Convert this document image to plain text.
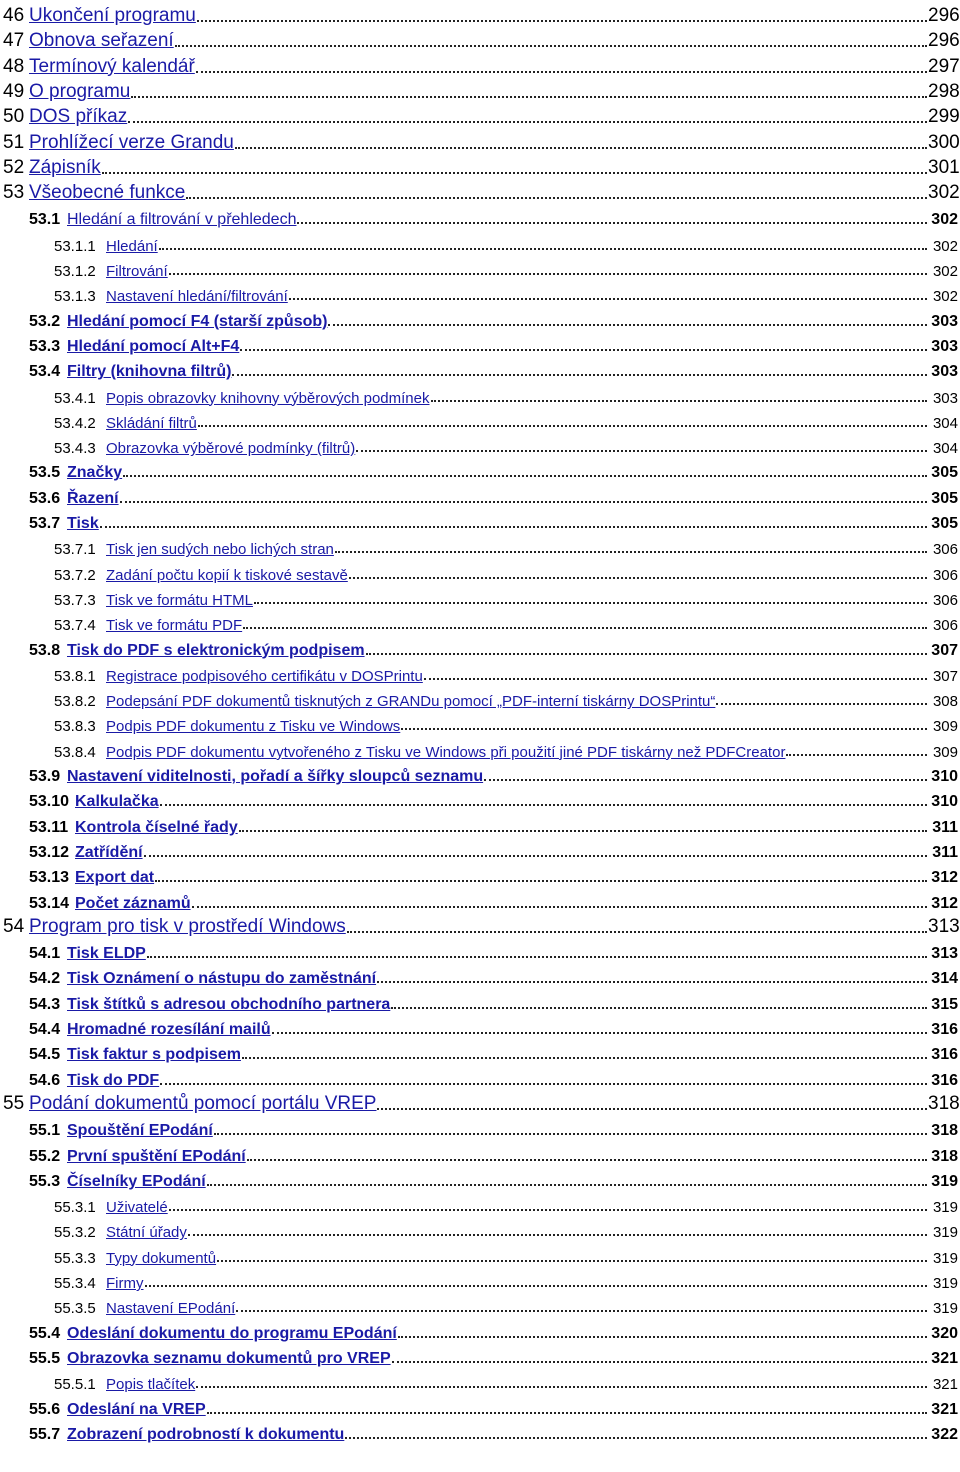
46 Ukončení programu	296
47 Obnova seřazení	296
48 Termínový kalendář	297
49 O programu	298
50 DOS příkaz	299
51 Prohlížecí verze Grandu	300
52 Zápisník	301
53 Všeobecné funkce	302
53.1 Hledání a filtrování v přehledech	302
53.1.1 Hledání	302
53.1.2 Filtrování	302
53.1.3 Nastavení hledání/filtrování	302
53.2 Hledání pomocí F4 (starší způsob)	303
53.3 Hledání pomocí Alt+F4	303
53.4 Filtry (knihovna filtrů)	303
53.4.1 Popis obrazovky knihovny výběrových podmínek	303
53.4.2 Skládání filtrů	304
53.4.3 Obrazovka výběrové podmínky (filtrů)	304
53.5 Značky	305
53.6 Řazení	305
53.7 Tisk	305
53.7.1 Tisk jen sudých nebo lichých stran	306
53.7.2 Zadání počtu kopií k tiskové sestavě	306
53.7.3 Tisk ve formátu HTML	306
53.7.4 Tisk ve formátu PDF	306
53.8 Tisk do PDF s elektronickým podpisem	307
53.8.1 Registrace podpisového certifikátu v DOSPrintu	307
53.8.2 Podepsání PDF dokumentů tisknutých z GRANDu pomocí „PDF-interní tiskárny DOSPrintu“	308
53.8.3 Podpis PDF dokumentu z Tisku ve Windows	309
53.8.4 Podpis PDF dokumentu vytvořeného z Tisku ve Windows při použití jiné PDF tiskárny než PDFCreator	309
53.9 Nastavení viditelnosti, pořadí a šířky sloupců seznamu	310
53.10 Kalkulačka	310
53.11 Kontrola číselné řady	311
53.12 Zatřídění	311
53.13 Export dat	312
53.14 Počet záznamů	312
54 Program pro tisk v prostředí Windows	313
54.1 Tisk ELDP	313
54.2 Tisk Oznámení o nástupu do zaměstnání	314
54.3 Tisk štítků s adresou obchodního partnera	315
54.4 Hromadné rozesílání mailů	316
54.5 Tisk faktur s podpisem	316
54.6 Tisk do PDF	316
55 Podání dokumentů pomocí portálu VREP	318
55.1 Spouštění EPodání	318
55.2 První spuštění EPodání	318
55.3 Číselníky EPodání	319
55.3.1 Uživatelé	319
55.3.2 Státní úřady	319
55.3.3 Typy dokumentů	319
55.3.4 Firmy	319
55.3.5 Nastavení EPodání	319
55.4 Odeslání dokumentu do programu EPodání	320
55.5 Obrazovka seznamu dokumentů pro VREP	321
55.5.1 Popis tlačítek	321
55.6 Odeslání na VREP	321
55.7 Zobrazení podrobností k dokumentu	322
